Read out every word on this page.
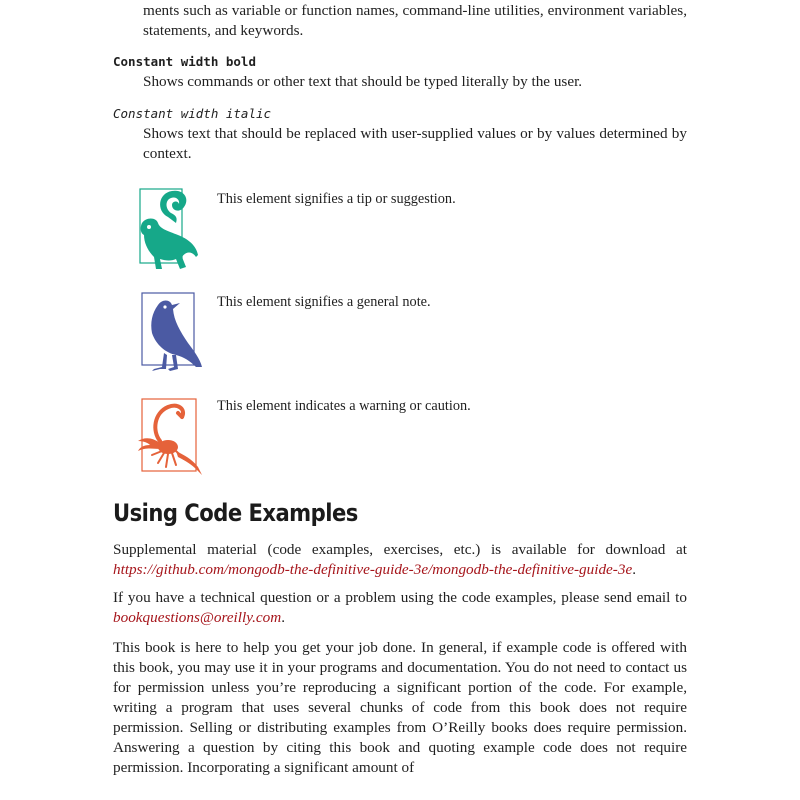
ments such as variable or function names, command-line utilities, environment variables, statements, and keywords.
Constant width bold
Shows commands or other text that should be typed literally by the user.
Constant width italic
Shows text that should be replaced with user-supplied values or by values determined by context.
This element signifies a tip or suggestion.
This element signifies a general note.
This element indicates a warning or caution.
Using Code Examples
Supplemental material (code examples, exercises, etc.) is available for download at https://github.com/mongodb-the-definitive-guide-3e/mongodb-the-definitive-guide-3e.
If you have a technical question or a problem using the code examples, please send email to bookquestions@oreilly.com.
This book is here to help you get your job done. In general, if example code is offered with this book, you may use it in your programs and documentation. You do not need to contact us for permission unless you’re reproducing a significant portion of the code. For example, writing a program that uses several chunks of code from this book does not require permission. Selling or distributing examples from O’Reilly books does require permission. Answering a question by citing this book and quoting example code does not require permission. Incorporating a significant amount of
